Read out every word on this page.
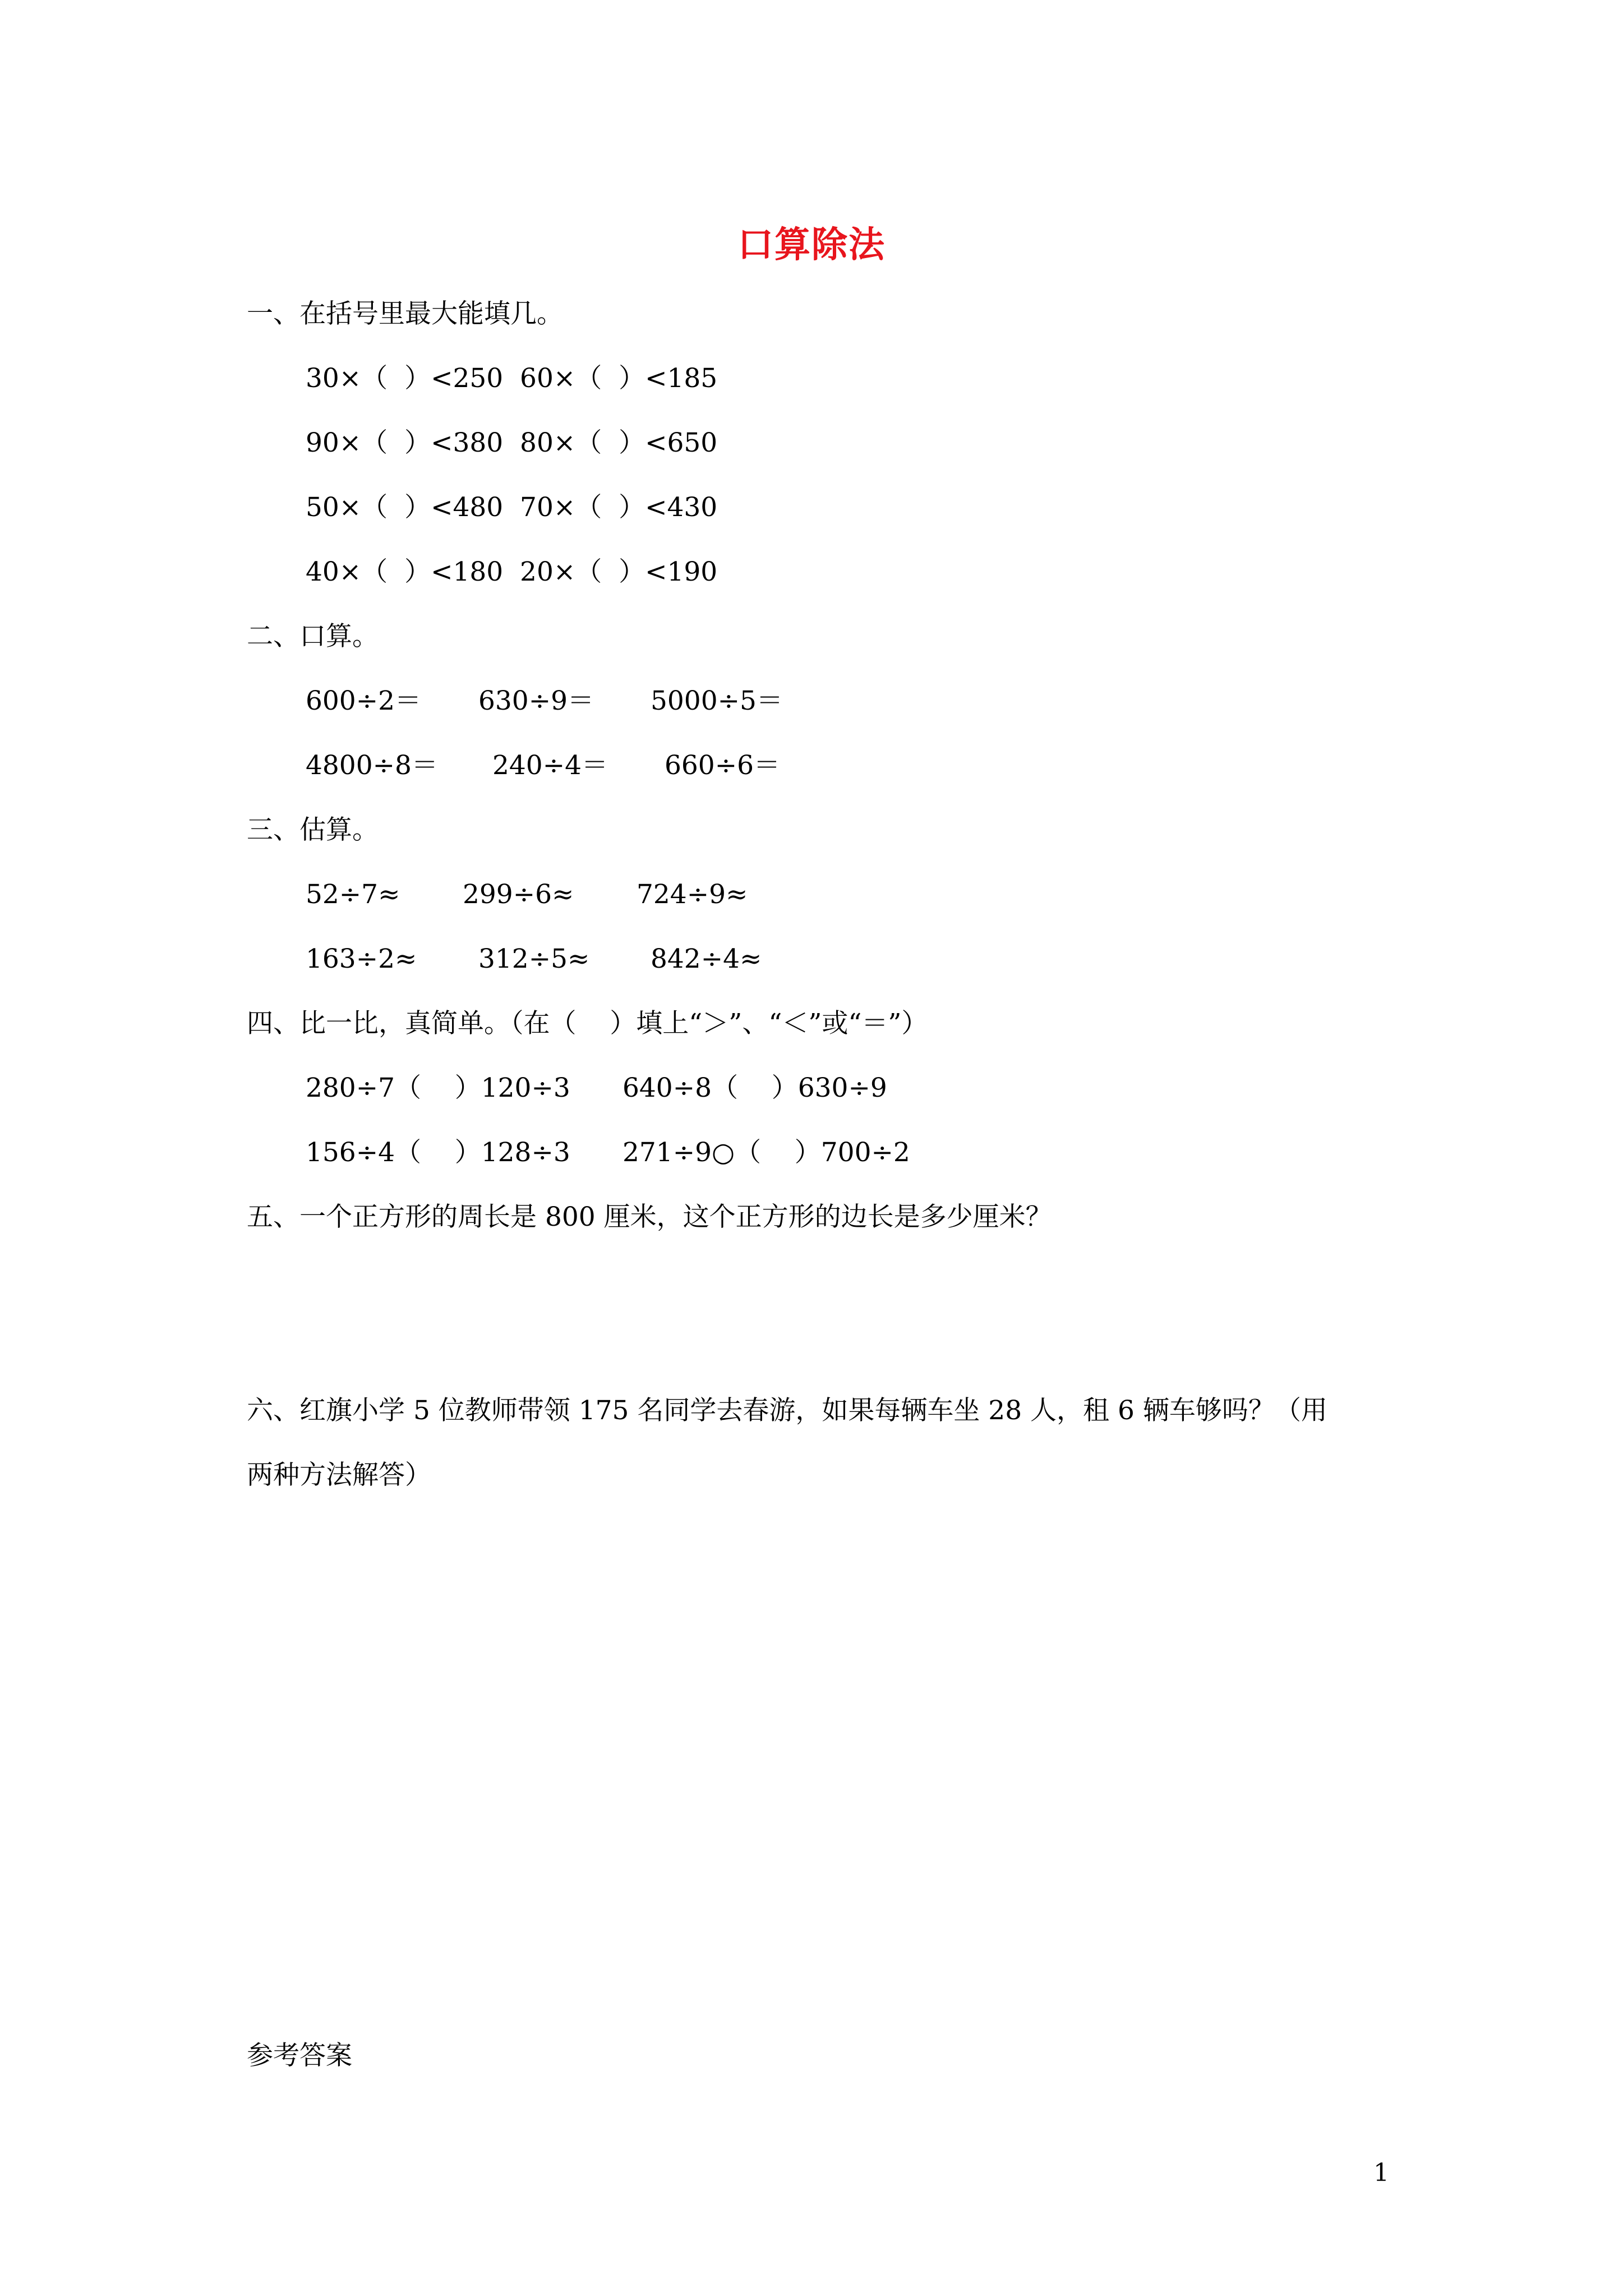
口算除法
一、在括号里最大能填几。
30×（  ）<250  60×（  ）<185
90×（  ）<380  80×（  ）<650
50×（  ）<480  70×（  ）<430
40×（  ）<180  20×（  ）<190
二、口算。
600÷2＝ 630÷9＝ 5000÷5＝
4800÷8＝ 240÷4＝ 660÷6＝
三、估算。
52÷7≈ 299÷6≈ 724÷9≈
163÷2≈ 312÷5≈ 842÷4≈
四、比一比，真简单。（在（    ）填上“＞”、“＜”或“＝”）
280÷7（    ）120÷3 640÷8（    ）630÷9
156÷4（    ）128÷3 271÷9○（    ）700÷2
五、一个正方形的周长是 800 厘米，这个正方形的边长是多少厘米？
六、红旗小学 5 位教师带领 175 名同学去春游，如果每辆车坐 28 人，租 6 辆车够吗？（用
两种方法解答）
参考答案
1
